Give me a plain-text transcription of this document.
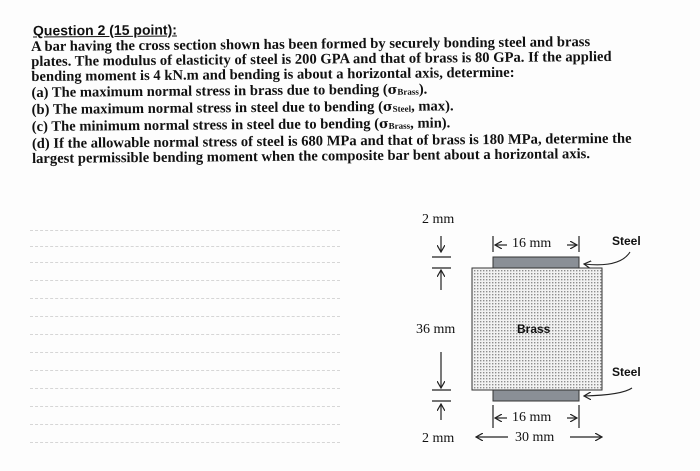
Question 2 (15 point):
A bar having the cross section shown has been formed by securely bonding steel and brass
plates. The modulus of elasticity of steel is 200 GPA and that of brass is 80 GPa. If the applied
bending moment is 4 kN.m and bending is about a horizontal axis, determine:
(a) The maximum normal stress in brass due to bending (σBrass).
(b) The maximum normal stress in steel due to bending (σSteel, max).
(c) The minimum normal stress in steel due to bending (σBrass, min).
(d) If the allowable normal stress of steel is 680 MPa and that of brass is 180 MPa, determine the
largest permissible bending moment when the composite bar bent about a horizontal axis.
2 mm
36 mm
2 mm
16 mm
16 mm
30 mm
Steel
Brass
Steel
